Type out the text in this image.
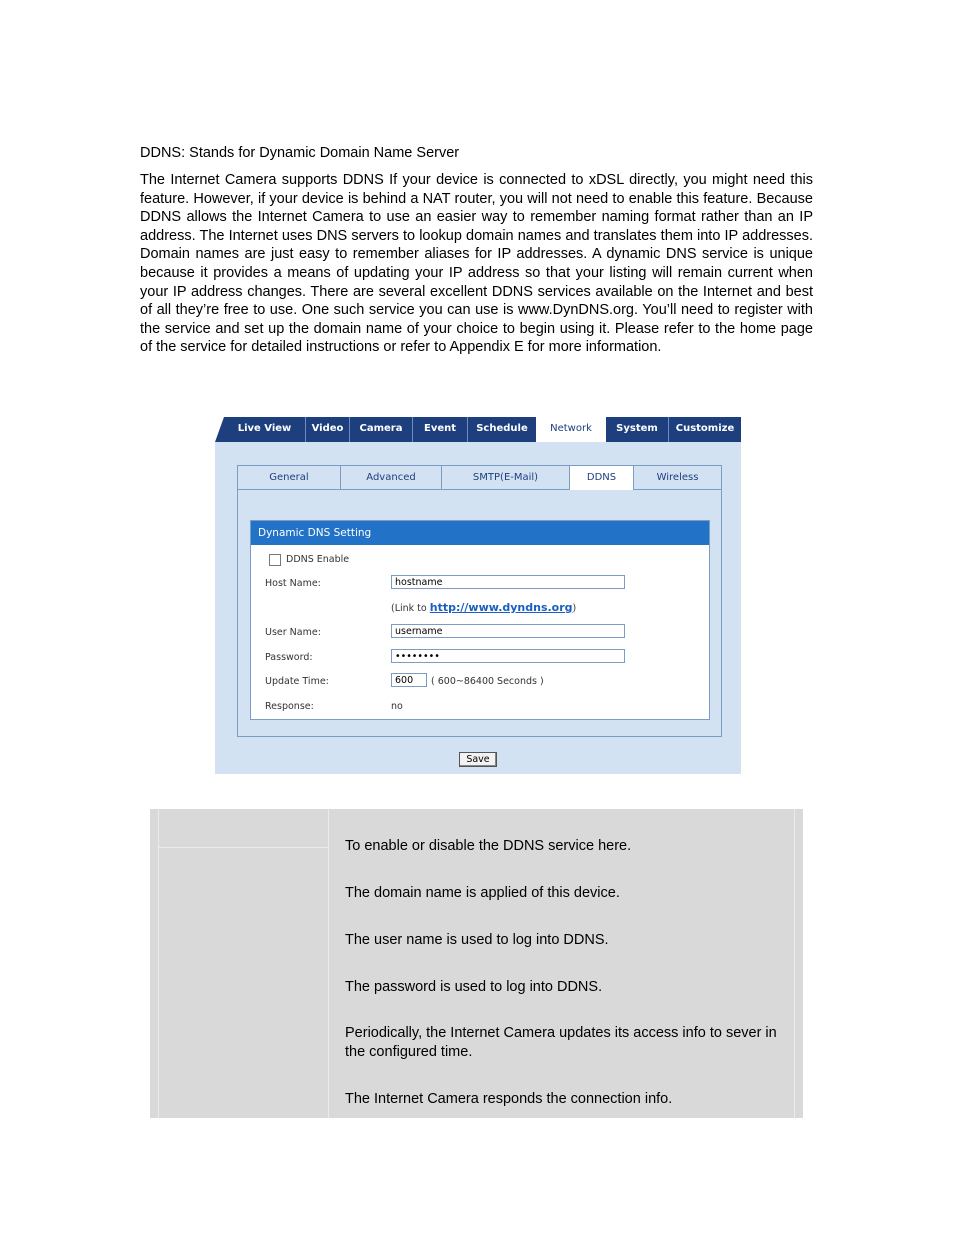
DDNS: Stands for Dynamic Domain Name Server
The Internet Camera supports DDNS If your device is connected to xDSL directly, you might need this feature. However, if your device is behind a NAT router, you will not need to enable this feature. Because DDNS allows the Internet Camera to use an easier way to remember naming format rather than an IP address. The Internet uses DNS servers to lookup domain names and translates them into IP addresses. Domain names are just easy to remember aliases for IP addresses. A dynamic DNS service is unique because it provides a means of updating your IP address so that your listing will remain current when your IP address changes. There are several excellent DDNS services available on the Internet and best of all they’re free to use. One such service you can use is www.DynDNS.org. You’ll need to register with the service and set up the domain name of your choice to begin using it. Please refer to the home page of the service for detailed instructions or refer to Appendix E for more information.
Live View	Video	Camera	Event	Schedule	Network	System	Customize
General	Advanced	SMTP(E-Mail)	DDNS	Wireless
Dynamic DNS Setting
DDNS Enable
Host Name:	hostname
(Link to http://www.dyndns.org)
User Name:	username
Password:	••••••••
Update Time:	600	( 600~86400 Seconds )
Response:	no
Save
To enable or disable the DDNS service here.
The domain name is applied of this device.
The user name is used to log into DDNS.
The password is used to log into DDNS.
Periodically, the Internet Camera updates its access info to sever in the configured time.
The Internet Camera responds the connection info.
